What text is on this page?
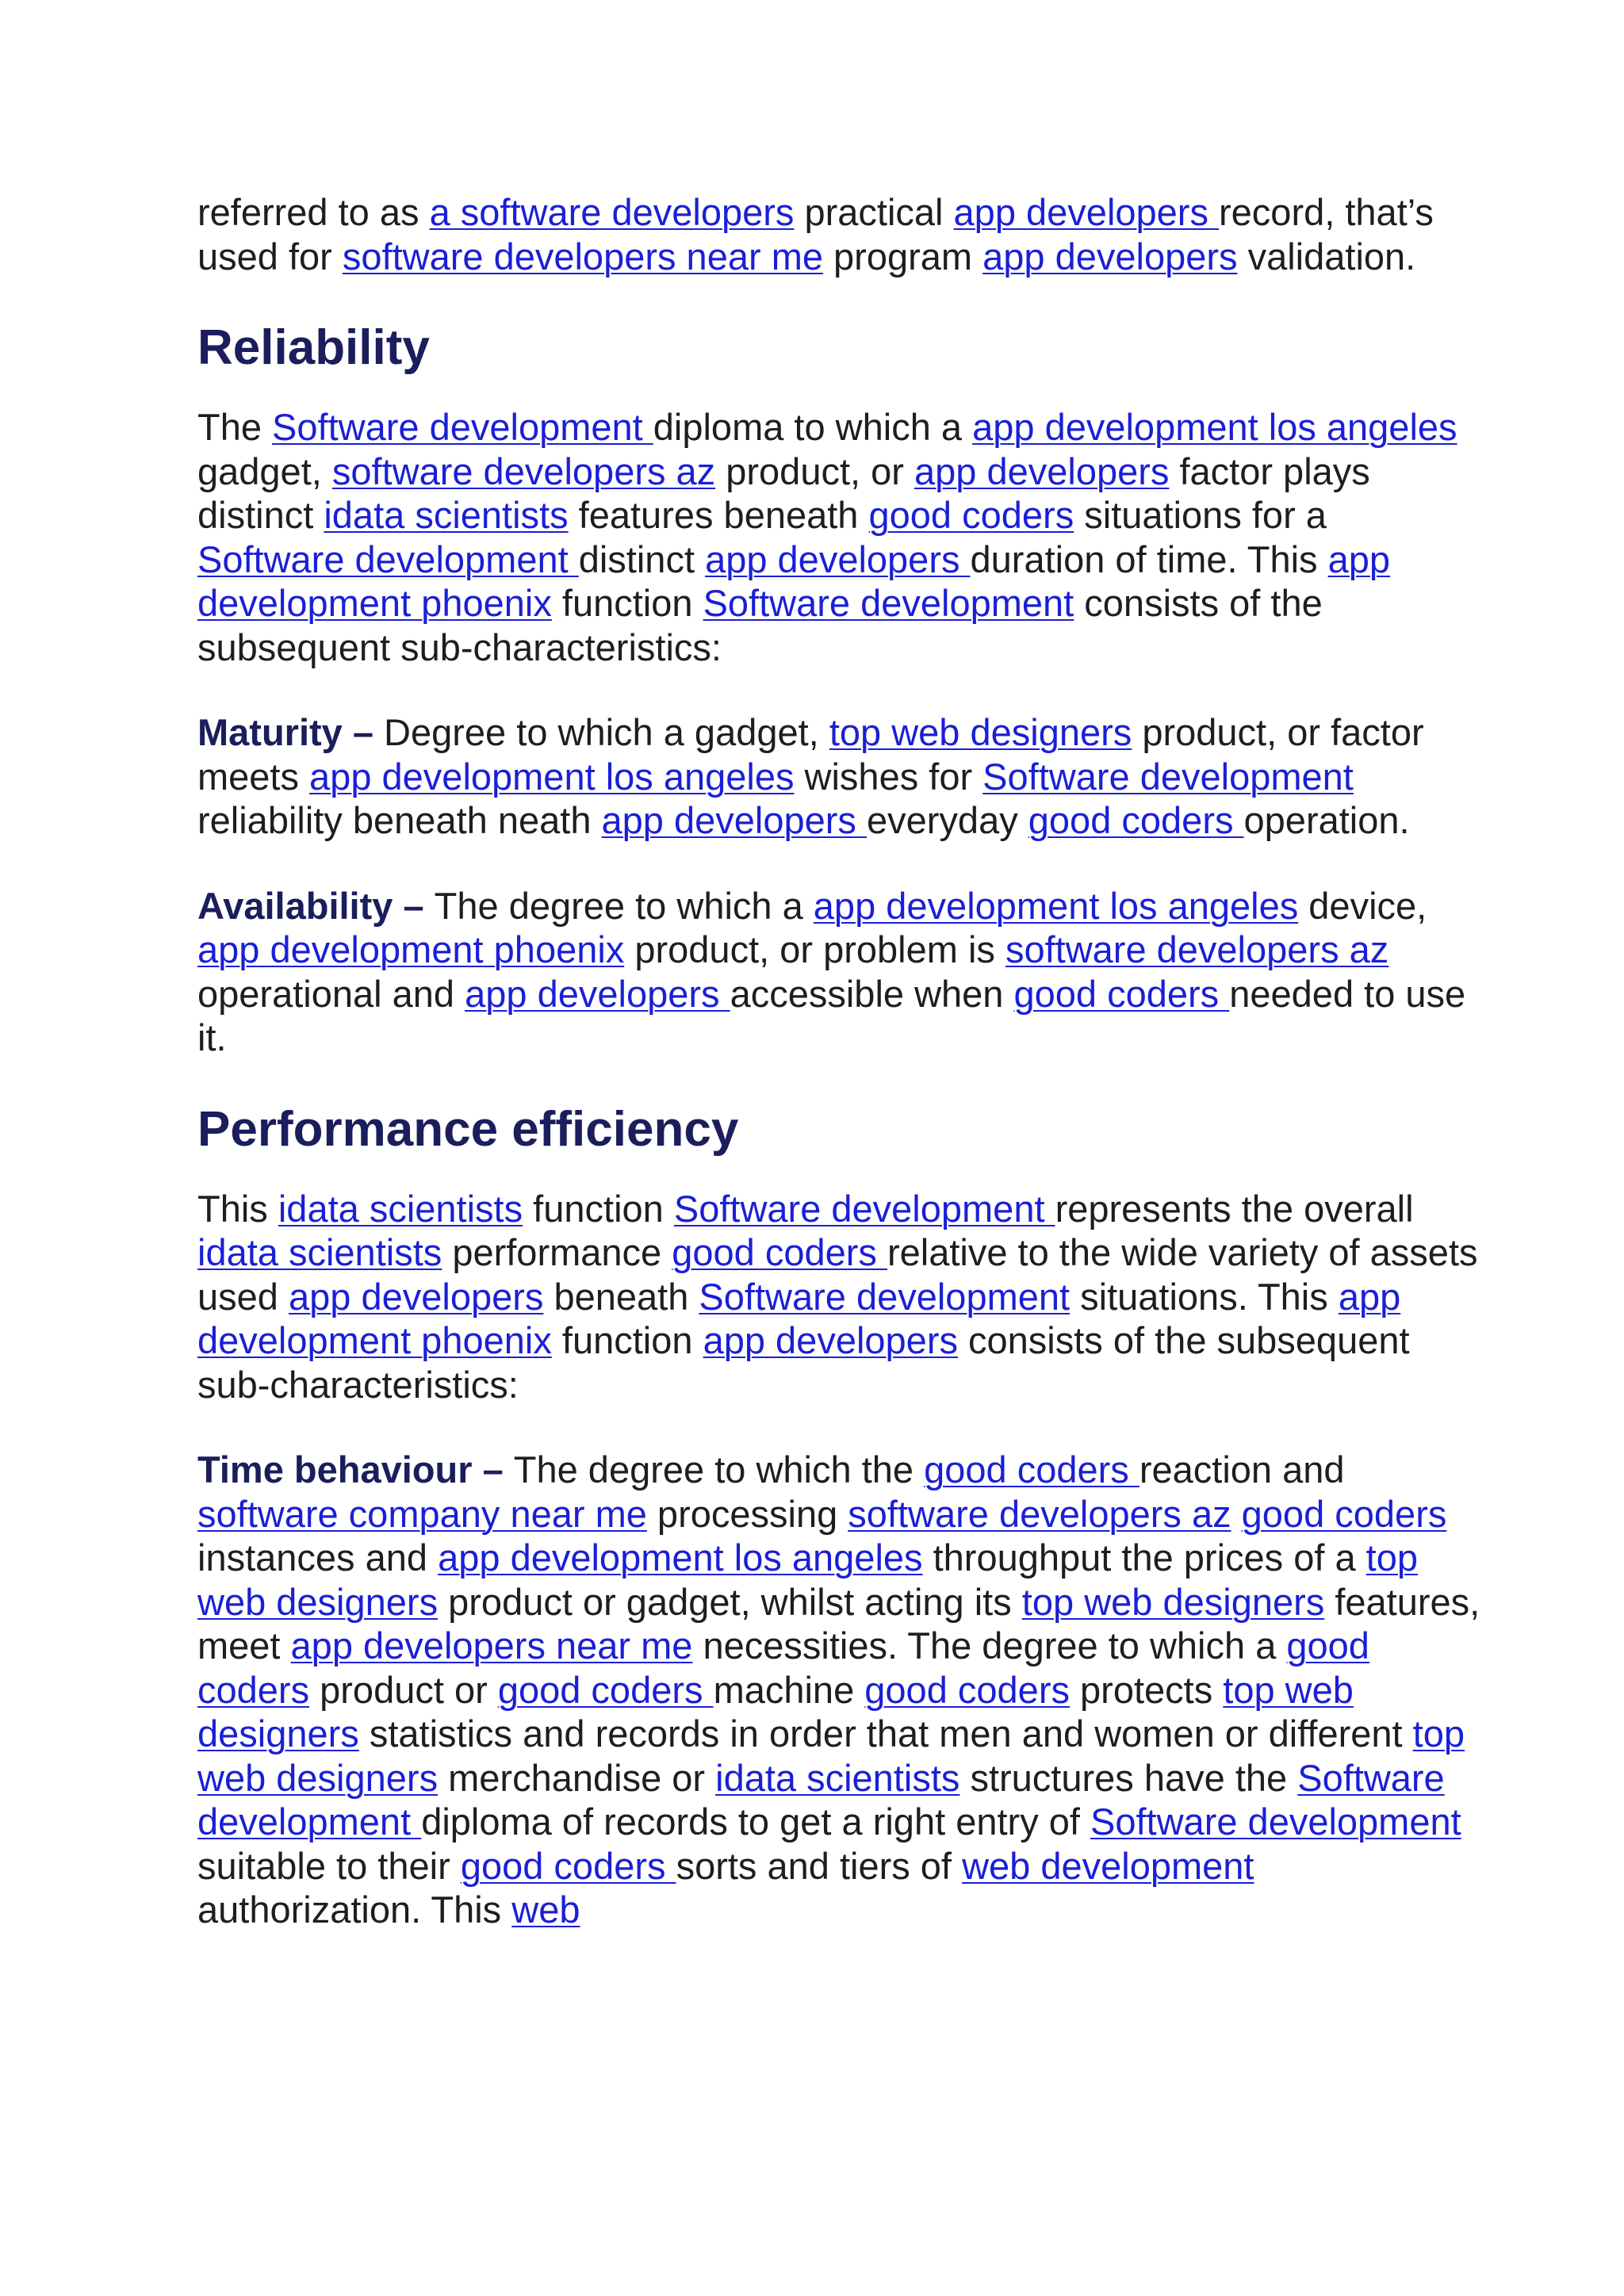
referred to as a software developers practical app developers record, that’s used for software developers near me program app developers validation.

Reliability

The Software development diploma to which a app development los angeles gadget, software developers az product, or app developers factor plays distinct idata scientists features beneath good coders situations for a Software development distinct app developers duration of time. This app development phoenix function Software development consists of the subsequent sub-characteristics:

Maturity – Degree to which a gadget, top web designers product, or factor meets app development los angeles wishes for Software development reliability beneath neath app developers everyday good coders operation.

Availability – The degree to which a app development los angeles device, app development phoenix product, or problem is software developers az operational and app developers accessible when good coders needed to use it.

Performance efficiency

This idata scientists function Software development represents the overall idata scientists performance good coders relative to the wide variety of assets used app developers beneath Software development situations. This app development phoenix function app developers consists of the subsequent sub-characteristics:

Time behaviour – The degree to which the good coders reaction and software company near me processing software developers az good coders instances and app development los angeles throughput the prices of a top web designers product or gadget, whilst acting its top web designers features, meet app developers near me necessities. The degree to which a good coders product or good coders machine good coders protects top web designers statistics and records in order that men and women or different top web designers merchandise or idata scientists structures have the Software development diploma of records to get a right entry of Software development suitable to their good coders sorts and tiers of web development authorization. This web
